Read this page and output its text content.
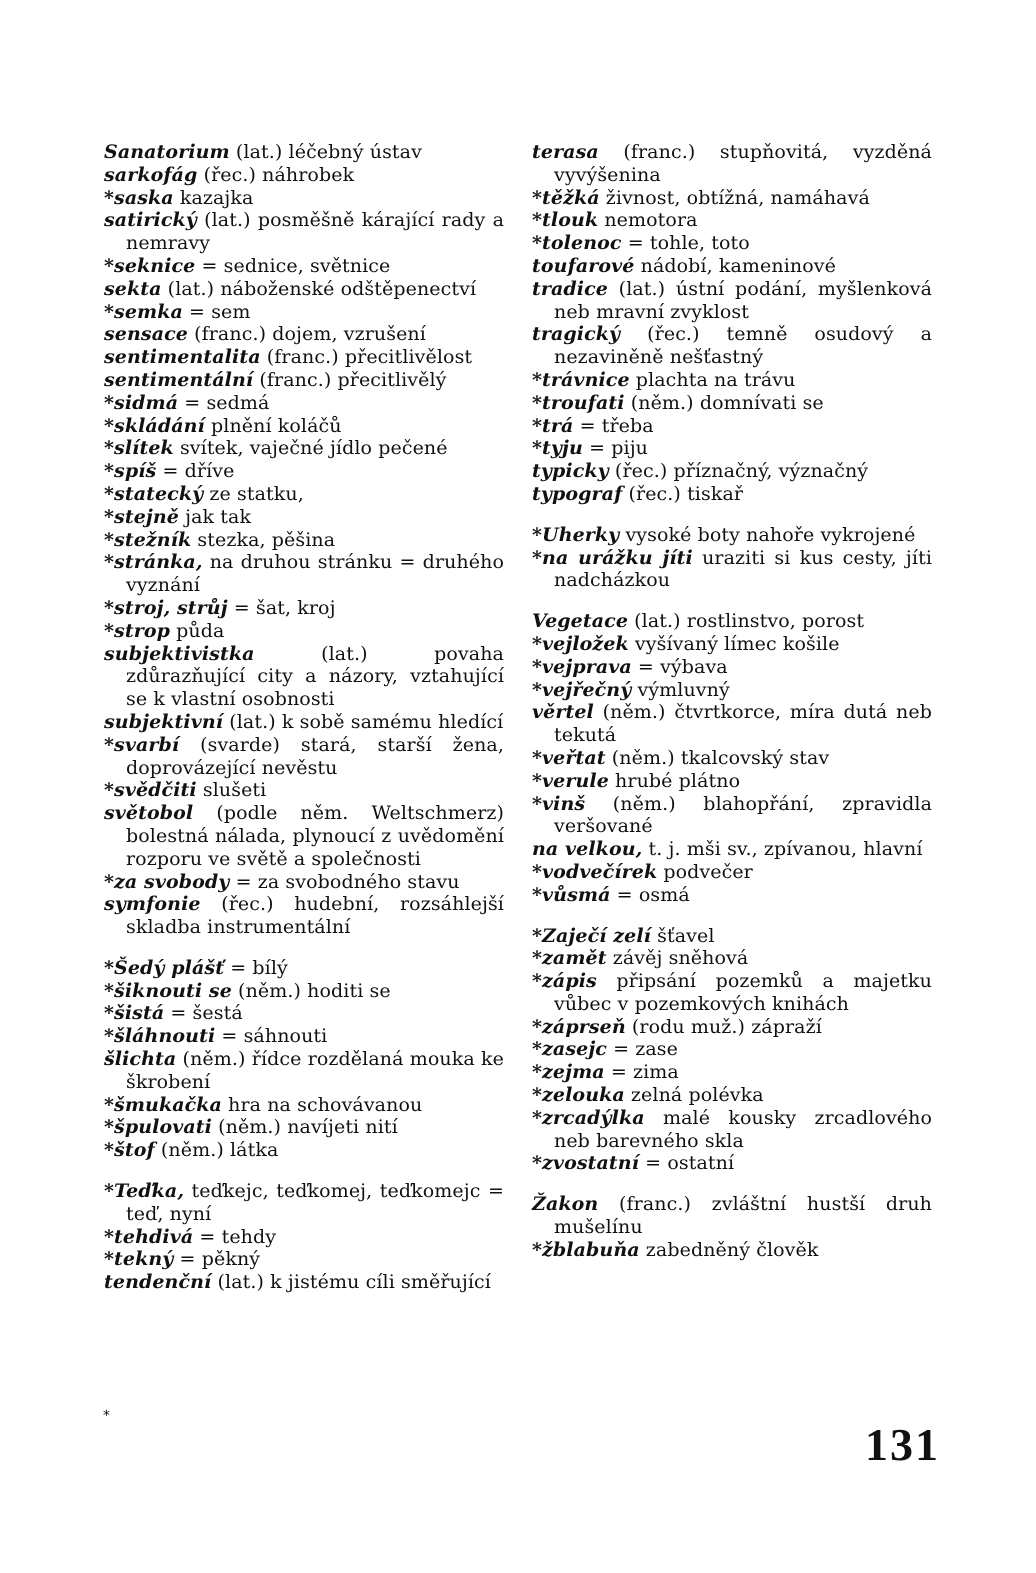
Sanatorium (lat.) léčebný ústav

sarkofág (řec.) náhrobek

*saska kazajka

satirický (lat.) posměšně kárající rady a nemravy

*seknice = sednice, světnice

sekta (lat.) náboženské odštěpenectví

*semka = sem

sensace (franc.) dojem, vzrušení

sentimentalita (franc.) přecitlivělost

sentimentální (franc.) přecitlivělý

*sidmá = sedmá

*skládání plnění koláčů

*slítek svítek, vaječné jídlo pečené

*spíš = dříve

*statecký ze statku,

*stejně jak tak

*stežník stezka, pěšina

*stránka, na druhou stránku = druhého vyznání

*stroj, strůj = šat, kroj

*strop půda

subjektivistka (lat.) povaha zdůrazňující city a názory, vztahující se k vlastní osobnosti

subjektivní (lat.) k sobě samému hledící

*svarbí (svarde) stará, starší žena, doprovázející nevěstu

*svědčiti slušeti

světobol (podle něm. Weltschmerz) bolestná nálada, plynoucí z uvědomění rozporu ve světě a společnosti

*za svobody = za svobodného stavu

symfonie (řec.) hudební, rozsáhlejší skladba instrumentální

*Šedý plášť = bílý

*šiknouti se (něm.) hoditi se

*šistá = šestá

*šláhnouti = sáhnouti

šlichta (něm.) řídce rozdělaná mouka ke škrobení

*šmukačka hra na schovávanou

*špulovati (něm.) navíjeti nití

*štof (něm.) látka

*Teďka, teďkejc, teďkomej, teďkomejc = teď, nyní

*tehdivá = tehdy

*tekný = pěkný

tendenční (lat.) k jistému cíli směřující

terasa (franc.) stupňovitá, vyzděná vyvýšenina

*těžká živnost, obtížná, namáhavá

*tlouk nemotora

*tolenoc = tohle, toto

toufarové nádobí, kameninové

tradice (lat.) ústní podání, myšlenková neb mravní zvyklost

tragický (řec.) temně osudový a nezaviněně nešťastný

*trávnice plachta na trávu

*troufati (něm.) domnívati se

*trá = třeba

*tyju = piju

typicky (řec.) příznačný, význačný

typograf (řec.) tiskař

*Uherky vysoké boty nahoře vykrojené

*na urážku jíti uraziti si kus cesty, jíti nadcházkou

Vegetace (lat.) rostlinstvo, porost

*vejložek vyšívaný límec košile

*vejprava = výbava

*vejřečný výmluvný

věrtel (něm.) čtvrtkorce, míra dutá neb tekutá

*veřtat (něm.) tkalcovský stav

*verule hrubé plátno

*vinš (něm.) blahopřání, zpravidla veršované

na velkou, t. j. mši sv., zpívanou, hlavní

*vodvečírek podvečer

*vůsmá = osmá

*Zaječí zelí šťavel

*zamět závěj sněhová

*zápis připsání pozemků a majetku vůbec v pozemkových knihách

*záprseň (rodu muž.) zápraží

*zasejc = zase

*zejma = zima

*zelouka zelná polévka

*zrcadýlka malé kousky zrcadlového neb barevného skla

*zvostatní = ostatní

Žakon (franc.) zvláštní hustší druh mušelínu

*žblabuňa zabedněný člověk

*
131
